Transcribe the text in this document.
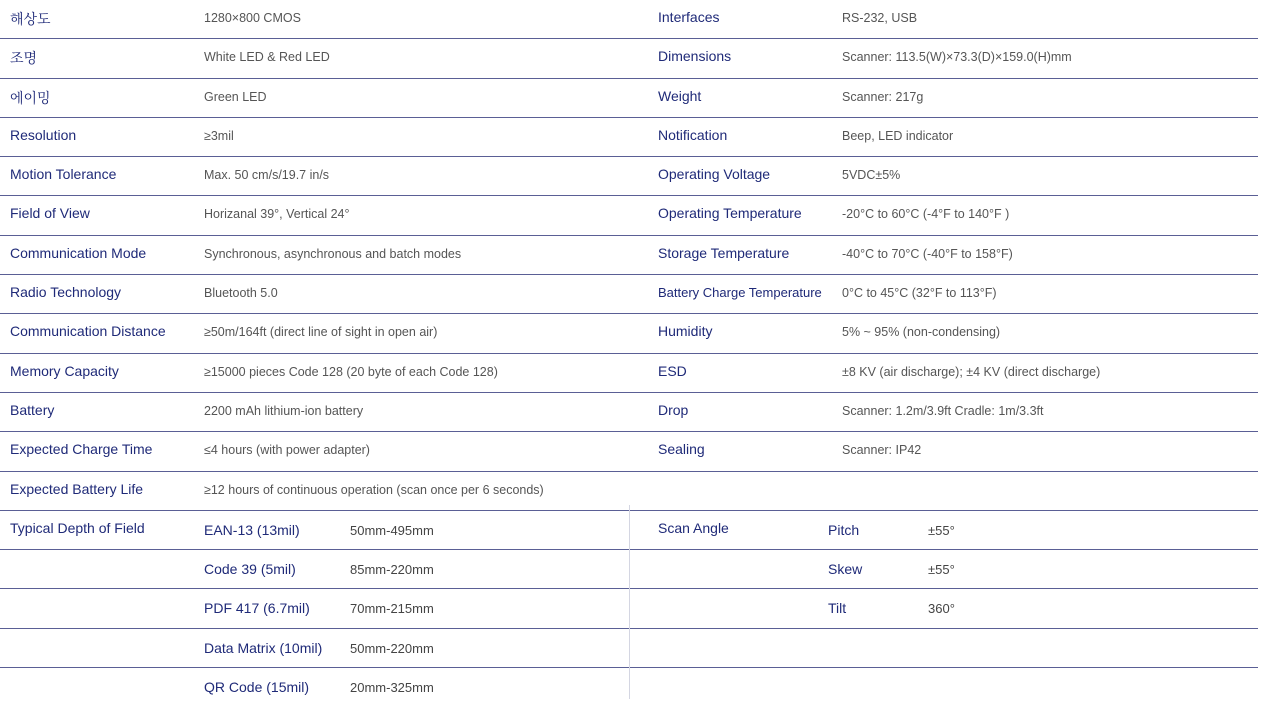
해상도	1280×800 CMOS	Interfaces	RS-232, USB
조명	White LED & Red LED	Dimensions	Scanner: 113.5(W)×73.3(D)×159.0(H)mm
에이밍	Green LED	Weight	Scanner: 217g
Resolution	≥3mil	Notification	Beep, LED indicator
Motion Tolerance	Max. 50 cm/s/19.7 in/s	Operating Voltage	5VDC±5%
Field of View	Horizanal 39°, Vertical 24°	Operating Temperature	-20°C to 60°C (-4°F to 140°F )
Communication Mode	Synchronous, asynchronous and batch modes	Storage Temperature	-40°C to 70°C (-40°F to 158°F)
Radio Technology	Bluetooth 5.0	Battery Charge Temperature 0°C to 45°C (32°F to 113°F)
Communication Distance	≥50m/164ft (direct line of sight in open air)	Humidity	5% ~ 95% (non-condensing)
Memory Capacity	≥15000 pieces Code 128 (20 byte of each Code 128)	ESD	±8 KV (air discharge); ±4 KV (direct discharge)
Battery	2200 mAh lithium-ion battery	Drop	Scanner: 1.2m/3.9ft Cradle: 1m/3.3ft
Expected Charge Time	≤4 hours (with power adapter)	Sealing	Scanner: IP42
Expected Battery Life	≥12 hours of continuous operation (scan once per 6 seconds)
Typical Depth of Field	EAN-13 (13mil)	50mm-495mm	Scan Angle	Pitch	±55°
Code 39 (5mil)	85mm-220mm	Skew	±55°
PDF 417 (6.7mil)	70mm-215mm	Tilt	360°
Data Matrix (10mil) 50mm-220mm
QR Code (15mil)	20mm-325mm
